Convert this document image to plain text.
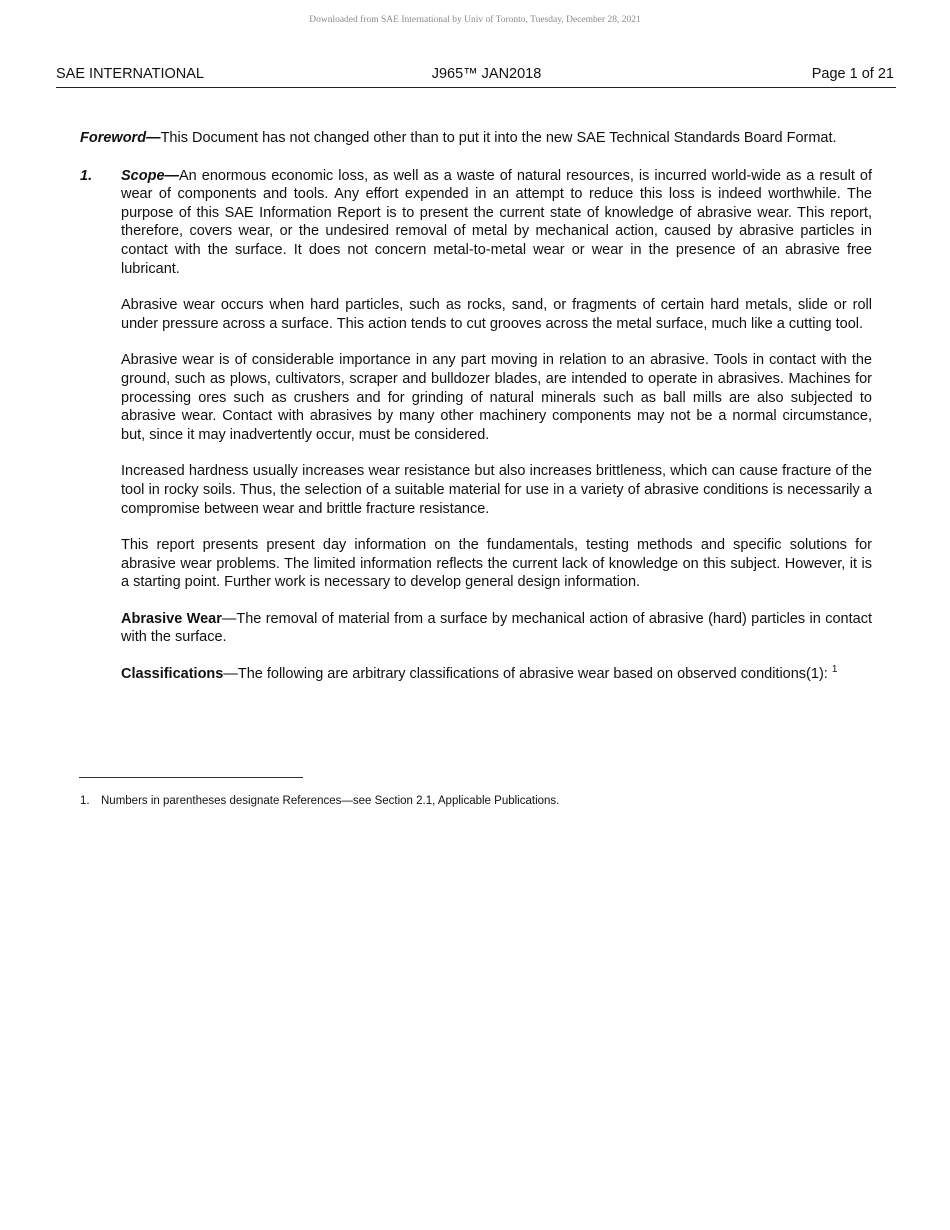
Downloaded from SAE International by Univ of Toronto, Tuesday, December 28, 2021
SAE INTERNATIONAL	J965™ JAN2018	Page 1 of 21

Foreword—This Document has not changed other than to put it into the new SAE Technical Standards Board Format.

1. Scope—An enormous economic loss, as well as a waste of natural resources, is incurred world-wide as a result of wear of components and tools. Any effort expended in an attempt to reduce this loss is indeed worthwhile. The purpose of this SAE Information Report is to present the current state of knowledge of abrasive wear. This report, therefore, covers wear, or the undesired removal of metal by mechanical action, caused by abrasive particles in contact with the surface. It does not concern metal-to-metal wear or wear in the presence of an abrasive free lubricant.

Abrasive wear occurs when hard particles, such as rocks, sand, or fragments of certain hard metals, slide or roll under pressure across a surface. This action tends to cut grooves across the metal surface, much like a cutting tool.

Abrasive wear is of considerable importance in any part moving in relation to an abrasive. Tools in contact with the ground, such as plows, cultivators, scraper and bulldozer blades, are intended to operate in abrasives. Machines for processing ores such as crushers and for grinding of natural minerals such as ball mills are also subjected to abrasive wear. Contact with abrasives by many other machinery components may not be a normal circumstance, but, since it may inadvertently occur, must be considered.

Increased hardness usually increases wear resistance but also increases brittleness, which can cause fracture of the tool in rocky soils. Thus, the selection of a suitable material for use in a variety of abrasive conditions is necessarily a compromise between wear and brittle fracture resistance.

This report presents present day information on the fundamentals, testing methods and specific solutions for abrasive wear problems. The limited information reflects the current lack of knowledge on this subject. However, it is a starting point. Further work is necessary to develop general design information.

Abrasive Wear—The removal of material from a surface by mechanical action of abrasive (hard) particles in contact with the surface.

Classifications—The following are arbitrary classifications of abrasive wear based on observed conditions(1): $^1$

1. Numbers in parentheses designate References—see Section 2.1, Applicable Publications.
